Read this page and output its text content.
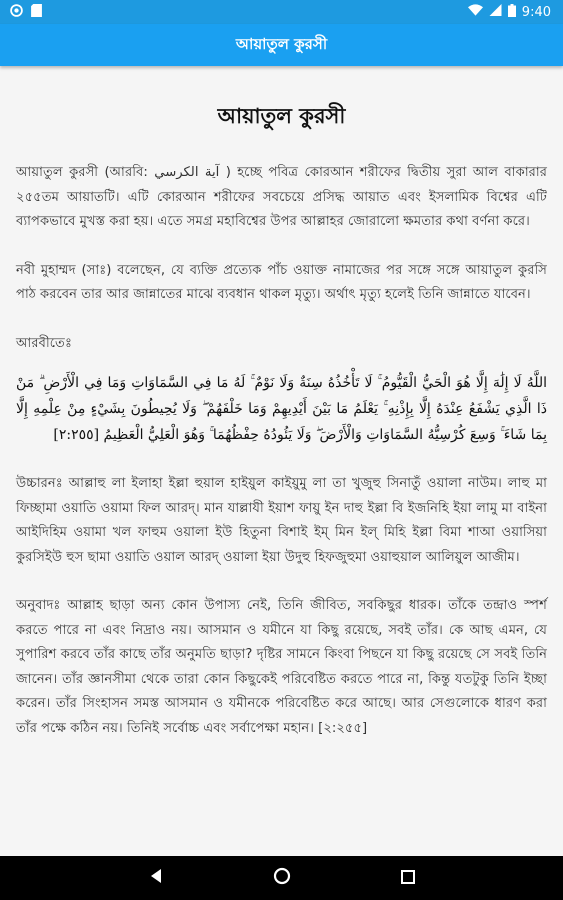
9:40
আয়াতুল কুরসী
আয়াতুল কুরসী

আয়াতুল কুরসী (আরবি: آية الكرسي ) হচ্ছে পবিত্র কোরআন শরীফের দ্বিতীয় সুরা আল বাকারার ২৫৫তম আয়াতটি। এটি কোরআন শরীফের সবচেয়ে প্রসিদ্ধ আয়াত এবং ইসলামিক বিশ্বের এটি ব্যাপকভাবে মুখস্ত করা হয়। এতে সমগ্র মহাবিশ্বের উপর আল্লাহর জোরালো ক্ষমতার কথা বর্ণনা করে।

নবী মুহাম্মদ (সাঃ) বলেছেন, যে ব্যক্তি প্রত্যেক পাঁচ ওয়াক্ত নামাজের পর সঙ্গে সঙ্গে আয়াতুল কুরসি পাঠ করবেন তার আর জান্নাতের মাঝে ব্যবধান থাকল মৃত্যু। অর্থাৎ মৃত্যু হলেই তিনি জান্নাতে যাবেন।

আরবীতেঃ

اللَّهُ لَا إِلَٰهَ إِلَّا هُوَ الْحَيُّ الْقَيُّومُ ۚ لَا تَأْخُذُهُ سِنَةٌ وَلَا نَوْمٌ ۚ لَهُ مَا فِي السَّمَاوَاتِ وَمَا فِي الْأَرْضِ ۗ مَنْ ذَا الَّذِي يَشْفَعُ عِنْدَهُ إِلَّا بِإِذْنِهِ ۚ يَعْلَمُ مَا بَيْنَ أَيْدِيهِمْ وَمَا خَلْفَهُمْ ۖ وَلَا يُحِيطُونَ بِشَيْءٍ مِنْ عِلْمِهِ إِلَّا بِمَا شَاءَ ۚ وَسِعَ كُرْسِيُّهُ السَّمَاوَاتِ وَالْأَرْضَ ۖ وَلَا يَئُودُهُ حِفْظُهُمَا ۚ وَهُوَ الْعَلِيُّ الْعَظِيمُ [٢:٢٥٥]

উচ্চারনঃ আল্লাহু লা ইলাহা ইল্লা হুয়াল হাইয়ুল কাইয়ুমু লা তা খুজুহু সিনাতুঁ ওয়ালা নাউম। লাহু মা ফিচ্ছামা ওয়াতি ওয়ামা ফিল আরদ্। মান যাল্লাযী ইয়াশ ফায়ু ইন দাহু ইল্লা বি ইজনিহি ইয়া লামু মা বাইনা আইদিহিম ওয়ামা খল ফাহুম ওয়ালা ইউ হিতুনা বিশাই ইম্ মিন ইল্ মিহি ইল্লা বিমা শাআ ওয়াসিয়া কুরসিইউ হুস ছামা ওয়াতি ওয়াল আরদ্ ওয়ালা ইয়া উদুহু হিফজুহুমা ওয়াহুয়াল আলিয়ুল আজীম।

অনুবাদঃ আল্লাহ ছাড়া অন্য কোন উপাস্য নেই, তিনি জীবিত, সবকিছুর ধারক। তাঁকে তন্দ্রাও স্পর্শ করতে পারে না এবং নিদ্রাও নয়। আসমান ও যমীনে যা কিছু রয়েছে, সবই তাঁর। কে আছ এমন, যে সুপারিশ করবে তাঁর কাছে তাঁর অনুমতি ছাড়া? দৃষ্টির সামনে কিংবা পিছনে যা কিছু রয়েছে সে সবই তিনি জানেন। তাঁর জ্ঞানসীমা থেকে তারা কোন কিছুকেই পরিবেষ্টিত করতে পারে না, কিন্তু যতটুকু তিনি ইচ্ছা করেন। তাঁর সিংহাসন সমস্ত আসমান ও যমীনকে পরিবেষ্টিত করে আছে। আর সেগুলোকে ধারণ করা তাঁর পক্ষে কঠিন নয়। তিনিই সর্বোচ্চ এবং সর্বাপেক্ষা মহান। [২:২৫৫]
